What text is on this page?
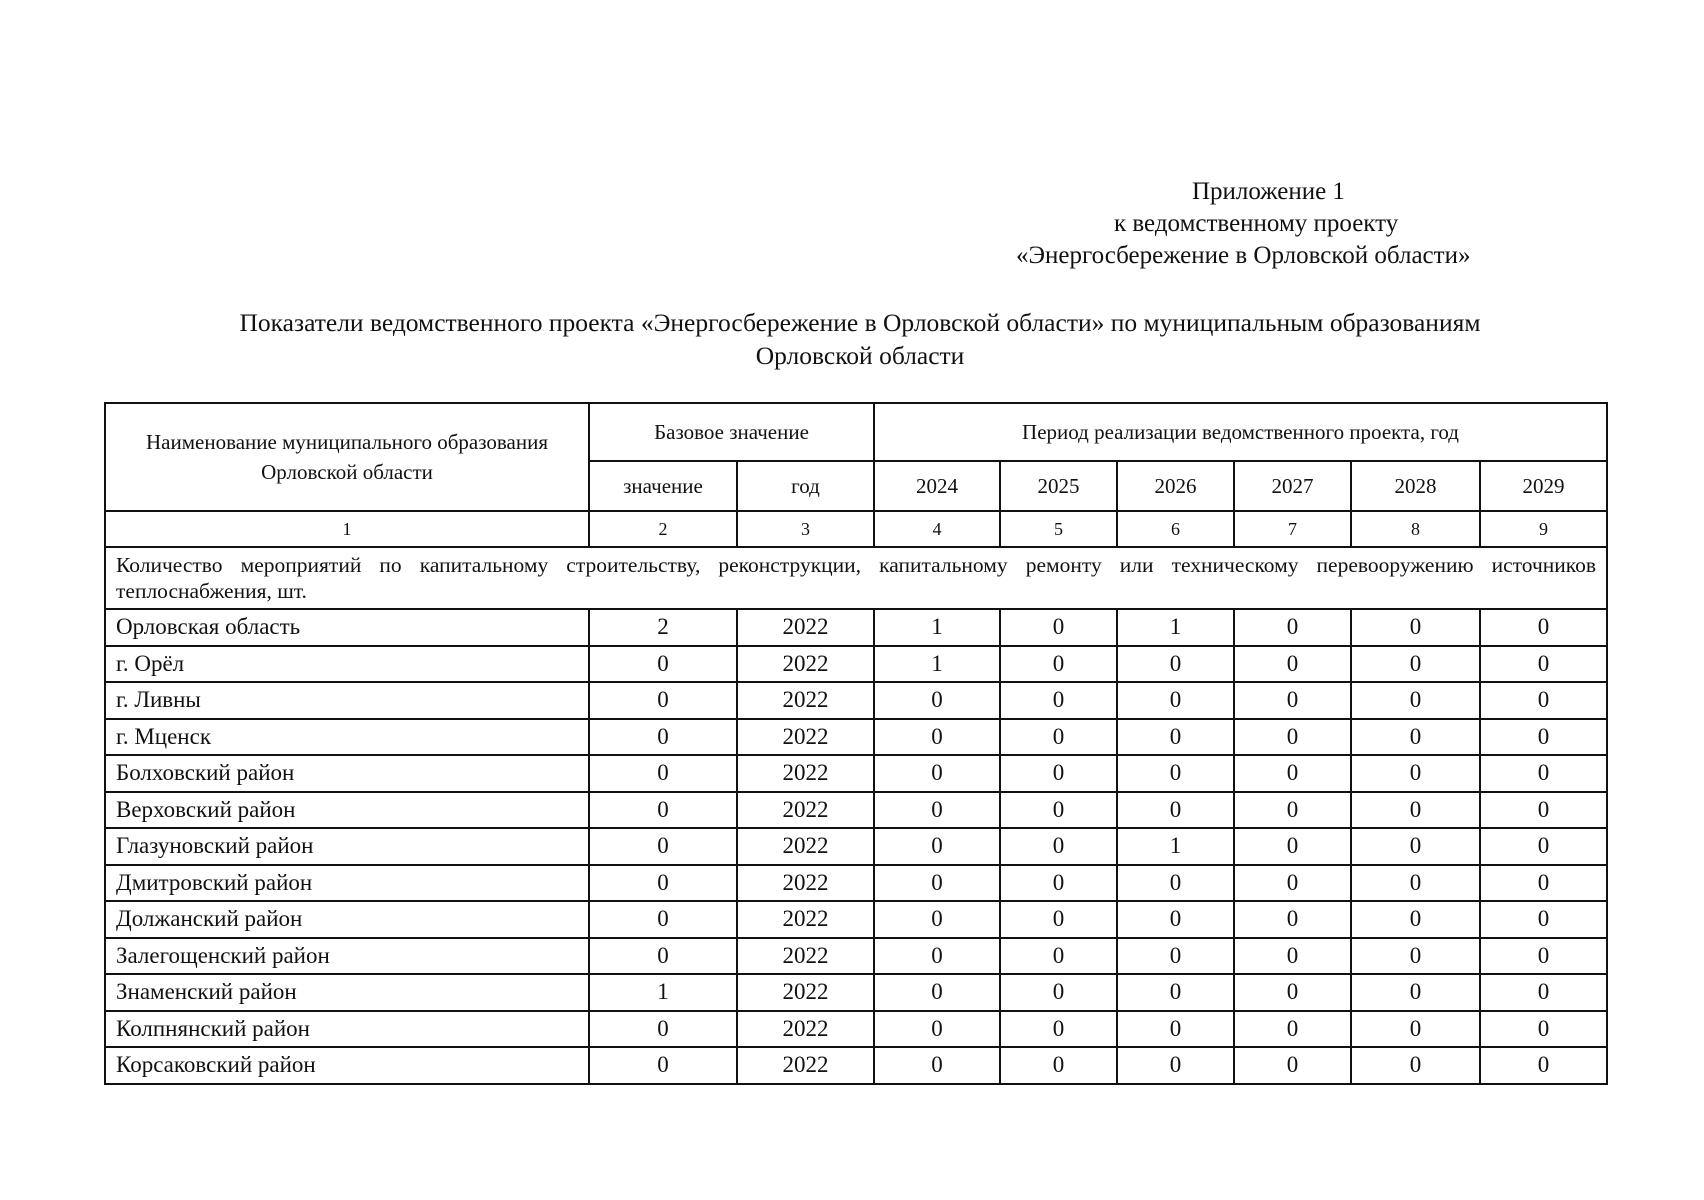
Приложение 1
к ведомственному проекту
«Энергосбережение в Орловской области»
Показатели ведомственного проекта «Энергосбережение в Орловской области» по муниципальным образованиям
Орловской области
Наименование муниципального образования Орловской области	Базовое значение		Период реализации ведомственного проекта, год					
	значение	год	2024	2025	2026	2027	2028	2029
1	2	3	4	5	6	7	8	9
Количество мероприятий по капитальному строительству, реконструкции, капитальному ремонту или техническому перевооружению источников теплоснабжения, шт.								
Орловская область	2	2022	1	0	1	0	0	0
г. Орёл	0	2022	1	0	0	0	0	0
г. Ливны	0	2022	0	0	0	0	0	0
г. Мценск	0	2022	0	0	0	0	0	0
Болховский район	0	2022	0	0	0	0	0	0
Верховский район	0	2022	0	0	0	0	0	0
Глазуновский район	0	2022	0	0	1	0	0	0
Дмитровский район	0	2022	0	0	0	0	0	0
Должанский район	0	2022	0	0	0	0	0	0
Залегощенский район	0	2022	0	0	0	0	0	0
Знаменский район	1	2022	0	0	0	0	0	0
Колпнянский район	0	2022	0	0	0	0	0	0
Корсаковский район	0	2022	0	0	0	0	0	0
